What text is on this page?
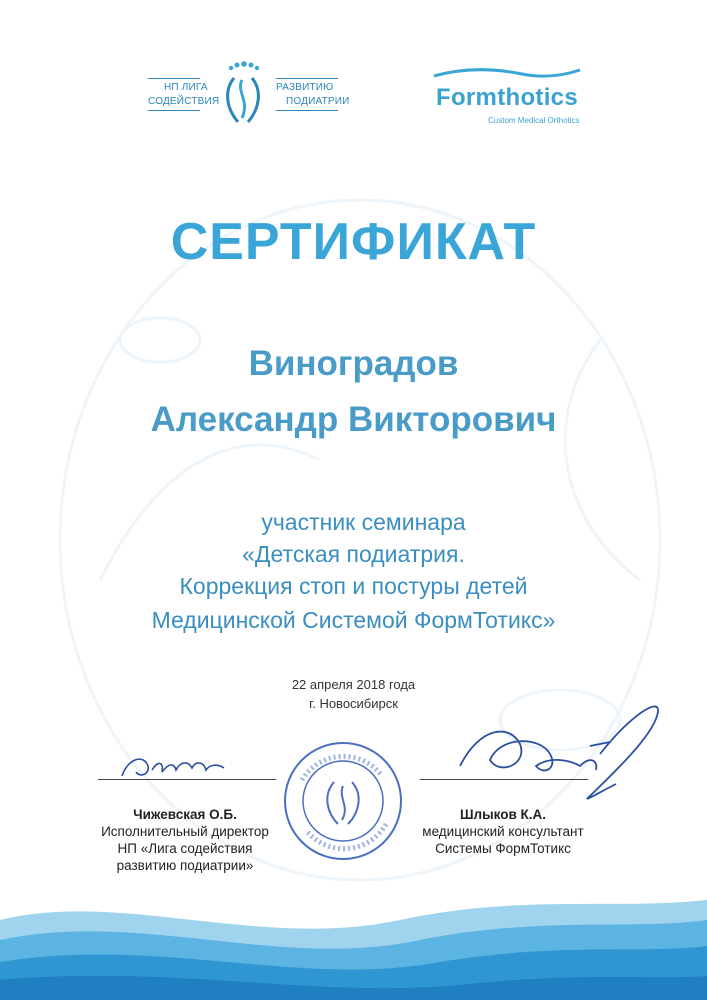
НП ЛИГА
СОДЕЙСТВИЯ
РАЗВИТИЮ
ПОДИАТРИИ	Formthotics
Custom Medical Orthotics
СЕРТИФИКАТ
Виноградов
Александр Викторович
участник семинара
«Детская подиатрия.
Коррекция стоп и постуры детей
Медицинской Системой ФормТотикс»
22 апреля 2018 года
г. Новосибирск
Чижевская О.Б.
Исполнительный директор
НП «Лига содействия
развитию подиатрии»
Шлыков К.А.
медицинский консультант
Системы ФормТотикс
